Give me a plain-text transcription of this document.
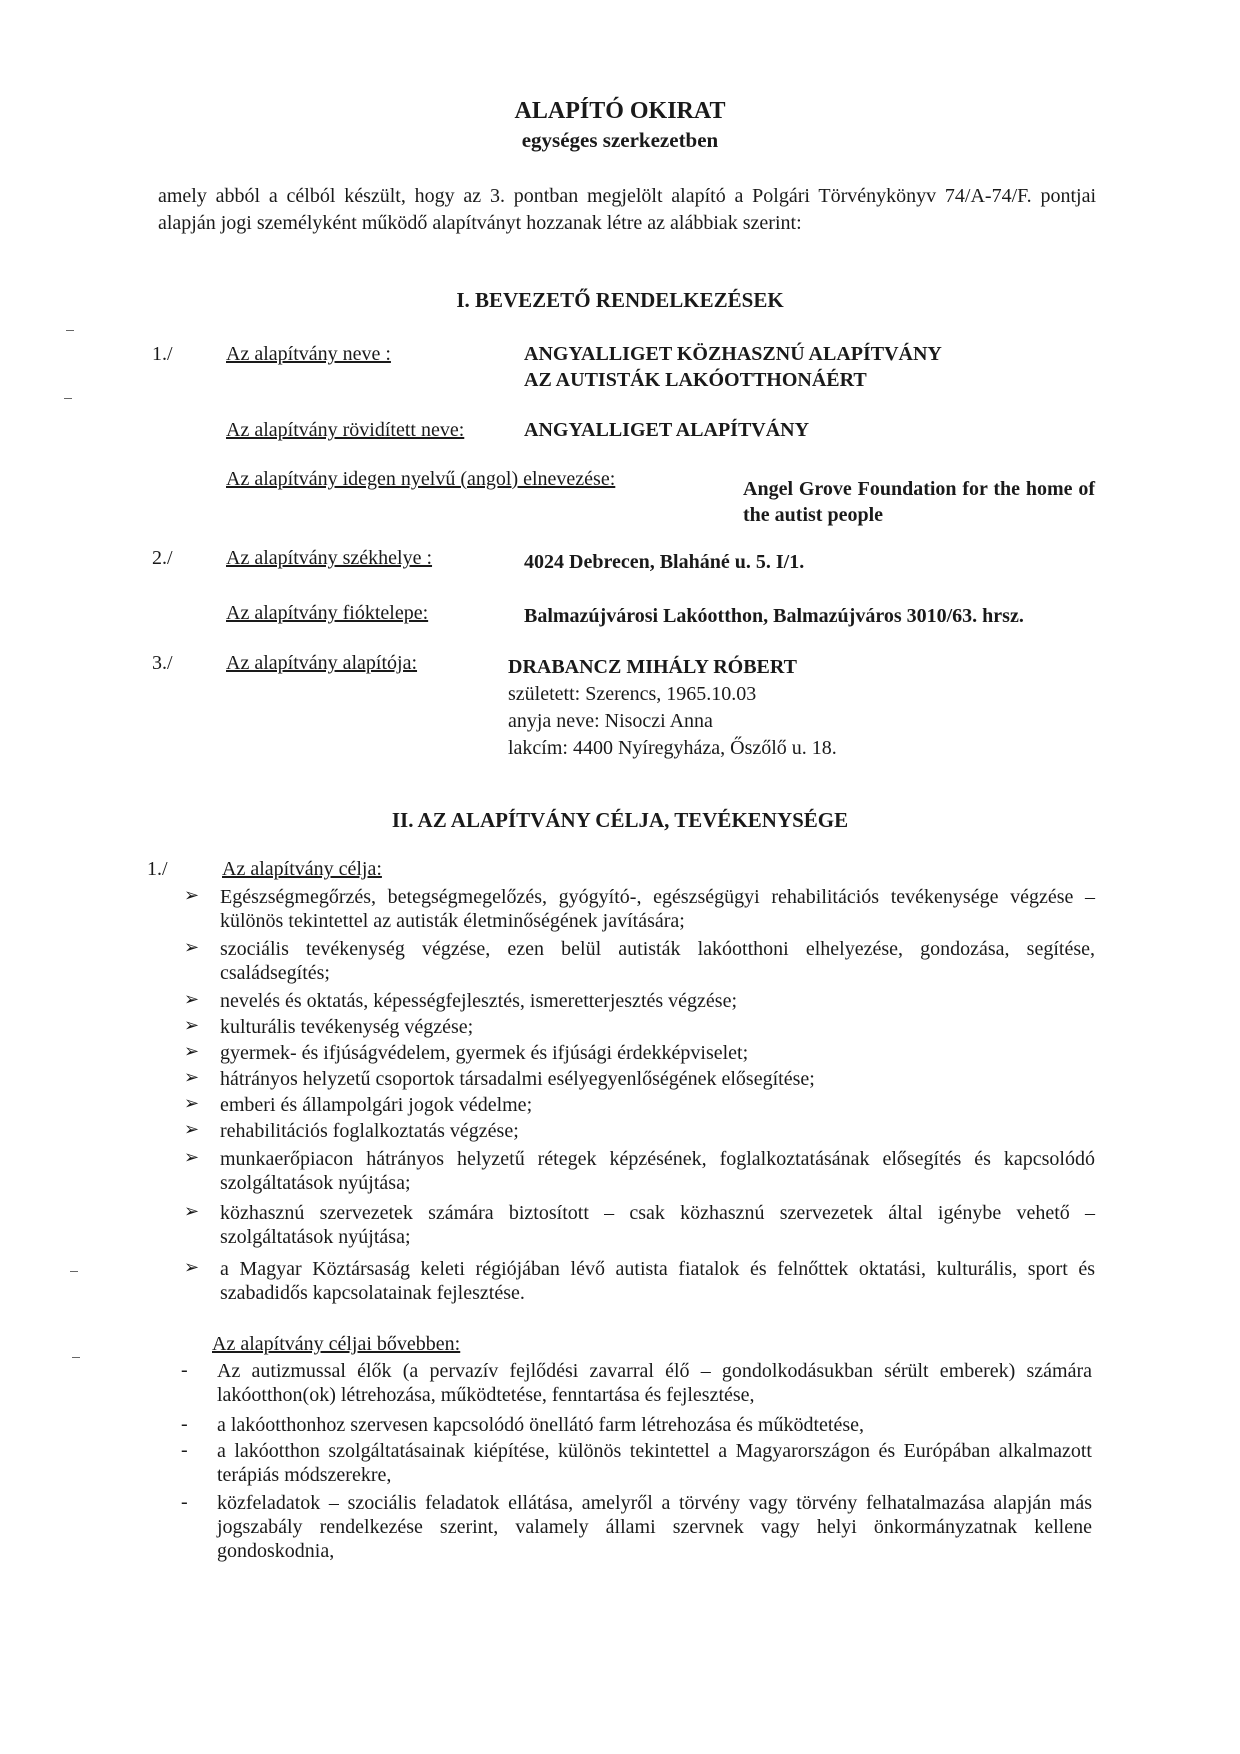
ALAPÍTÓ OKIRAT
egységes szerkezetben
amely abból a célból készült, hogy az 3. pontban megjelölt alapító a Polgári Törvénykönyv 74/A-74/F. pontjai alapján jogi személyként működő alapítványt hozzanak létre az alábbiak szerint:
I. BEVEZETŐ RENDELKEZÉSEK
1./	Az alapítvány neve :	ANGYALLIGET KÖZHASZNÚ ALAPÍTVÁNY
AZ AUTISTÁK LAKÓOTTHONÁÉRT
Az alapítvány rövidített neve:	ANGYALLIGET ALAPÍTVÁNY
Az alapítvány idegen nyelvű (angol) elnevezése:	Angel Grove Foundation for the home of the autist people
2./	Az alapítvány székhelye :	4024 Debrecen, Blaháné u. 5. I/1.
Az alapítvány fióktelepe:	Balmazújvárosi Lakóotthon, Balmazújváros 3010/63. hrsz.
3./	Az alapítvány alapítója:	DRABANCZ MIHÁLY RÓBERT
született: Szerencs, 1965.10.03
anyja neve: Nisoczi Anna
lakcím: 4400 Nyíregyháza, Őszőlő u. 18.
II. AZ ALAPÍTVÁNY CÉLJA, TEVÉKENYSÉGE
1./	Az alapítvány célja:
➢ Egészségmegőrzés, betegségmegelőzés, gyógyító-, egészségügyi rehabilitációs tevékenysége végzése – különös tekintettel az autisták életminőségének javítására;
➢ szociális tevékenység végzése, ezen belül autisták lakóotthoni elhelyezése, gondozása, segítése, családsegítés;
➢ nevelés és oktatás, képességfejlesztés, ismeretterjesztés végzése;
➢ kulturális tevékenység végzése;
➢ gyermek- és ifjúságvédelem, gyermek és ifjúsági érdekképviselet;
➢ hátrányos helyzetű csoportok társadalmi esélyegyenlőségének elősegítése;
➢ emberi és állampolgári jogok védelme;
➢ rehabilitációs foglalkoztatás végzése;
➢ munkaerőpiacon hátrányos helyzetű rétegek képzésének, foglalkoztatásának elősegítés és kapcsolódó szolgáltatások nyújtása;
➢ közhasznú szervezetek számára biztosított – csak közhasznú szervezetek által igénybe vehető – szolgáltatások nyújtása;
➢ a Magyar Köztársaság keleti régiójában lévő autista fiatalok és felnőttek oktatási, kulturális, sport és szabadidős kapcsolatainak fejlesztése.
Az alapítvány céljai bővebben:
- Az autizmussal élők (a pervazív fejlődési zavarral élő – gondolkodásukban sérült emberek) számára lakóotthon(ok) létrehozása, működtetése, fenntartása és fejlesztése,
- a lakóotthonhoz szervesen kapcsolódó önellátó farm létrehozása és működtetése,
- a lakóotthon szolgáltatásainak kiépítése, különös tekintettel a Magyarországon és Európában alkalmazott terápiás módszerekre,
- közfeladatok – szociális feladatok ellátása, amelyről a törvény vagy törvény felhatalmazása alapján más jogszabály rendelkezése szerint, valamely állami szervnek vagy helyi önkormányzatnak kellene gondoskodnia,
